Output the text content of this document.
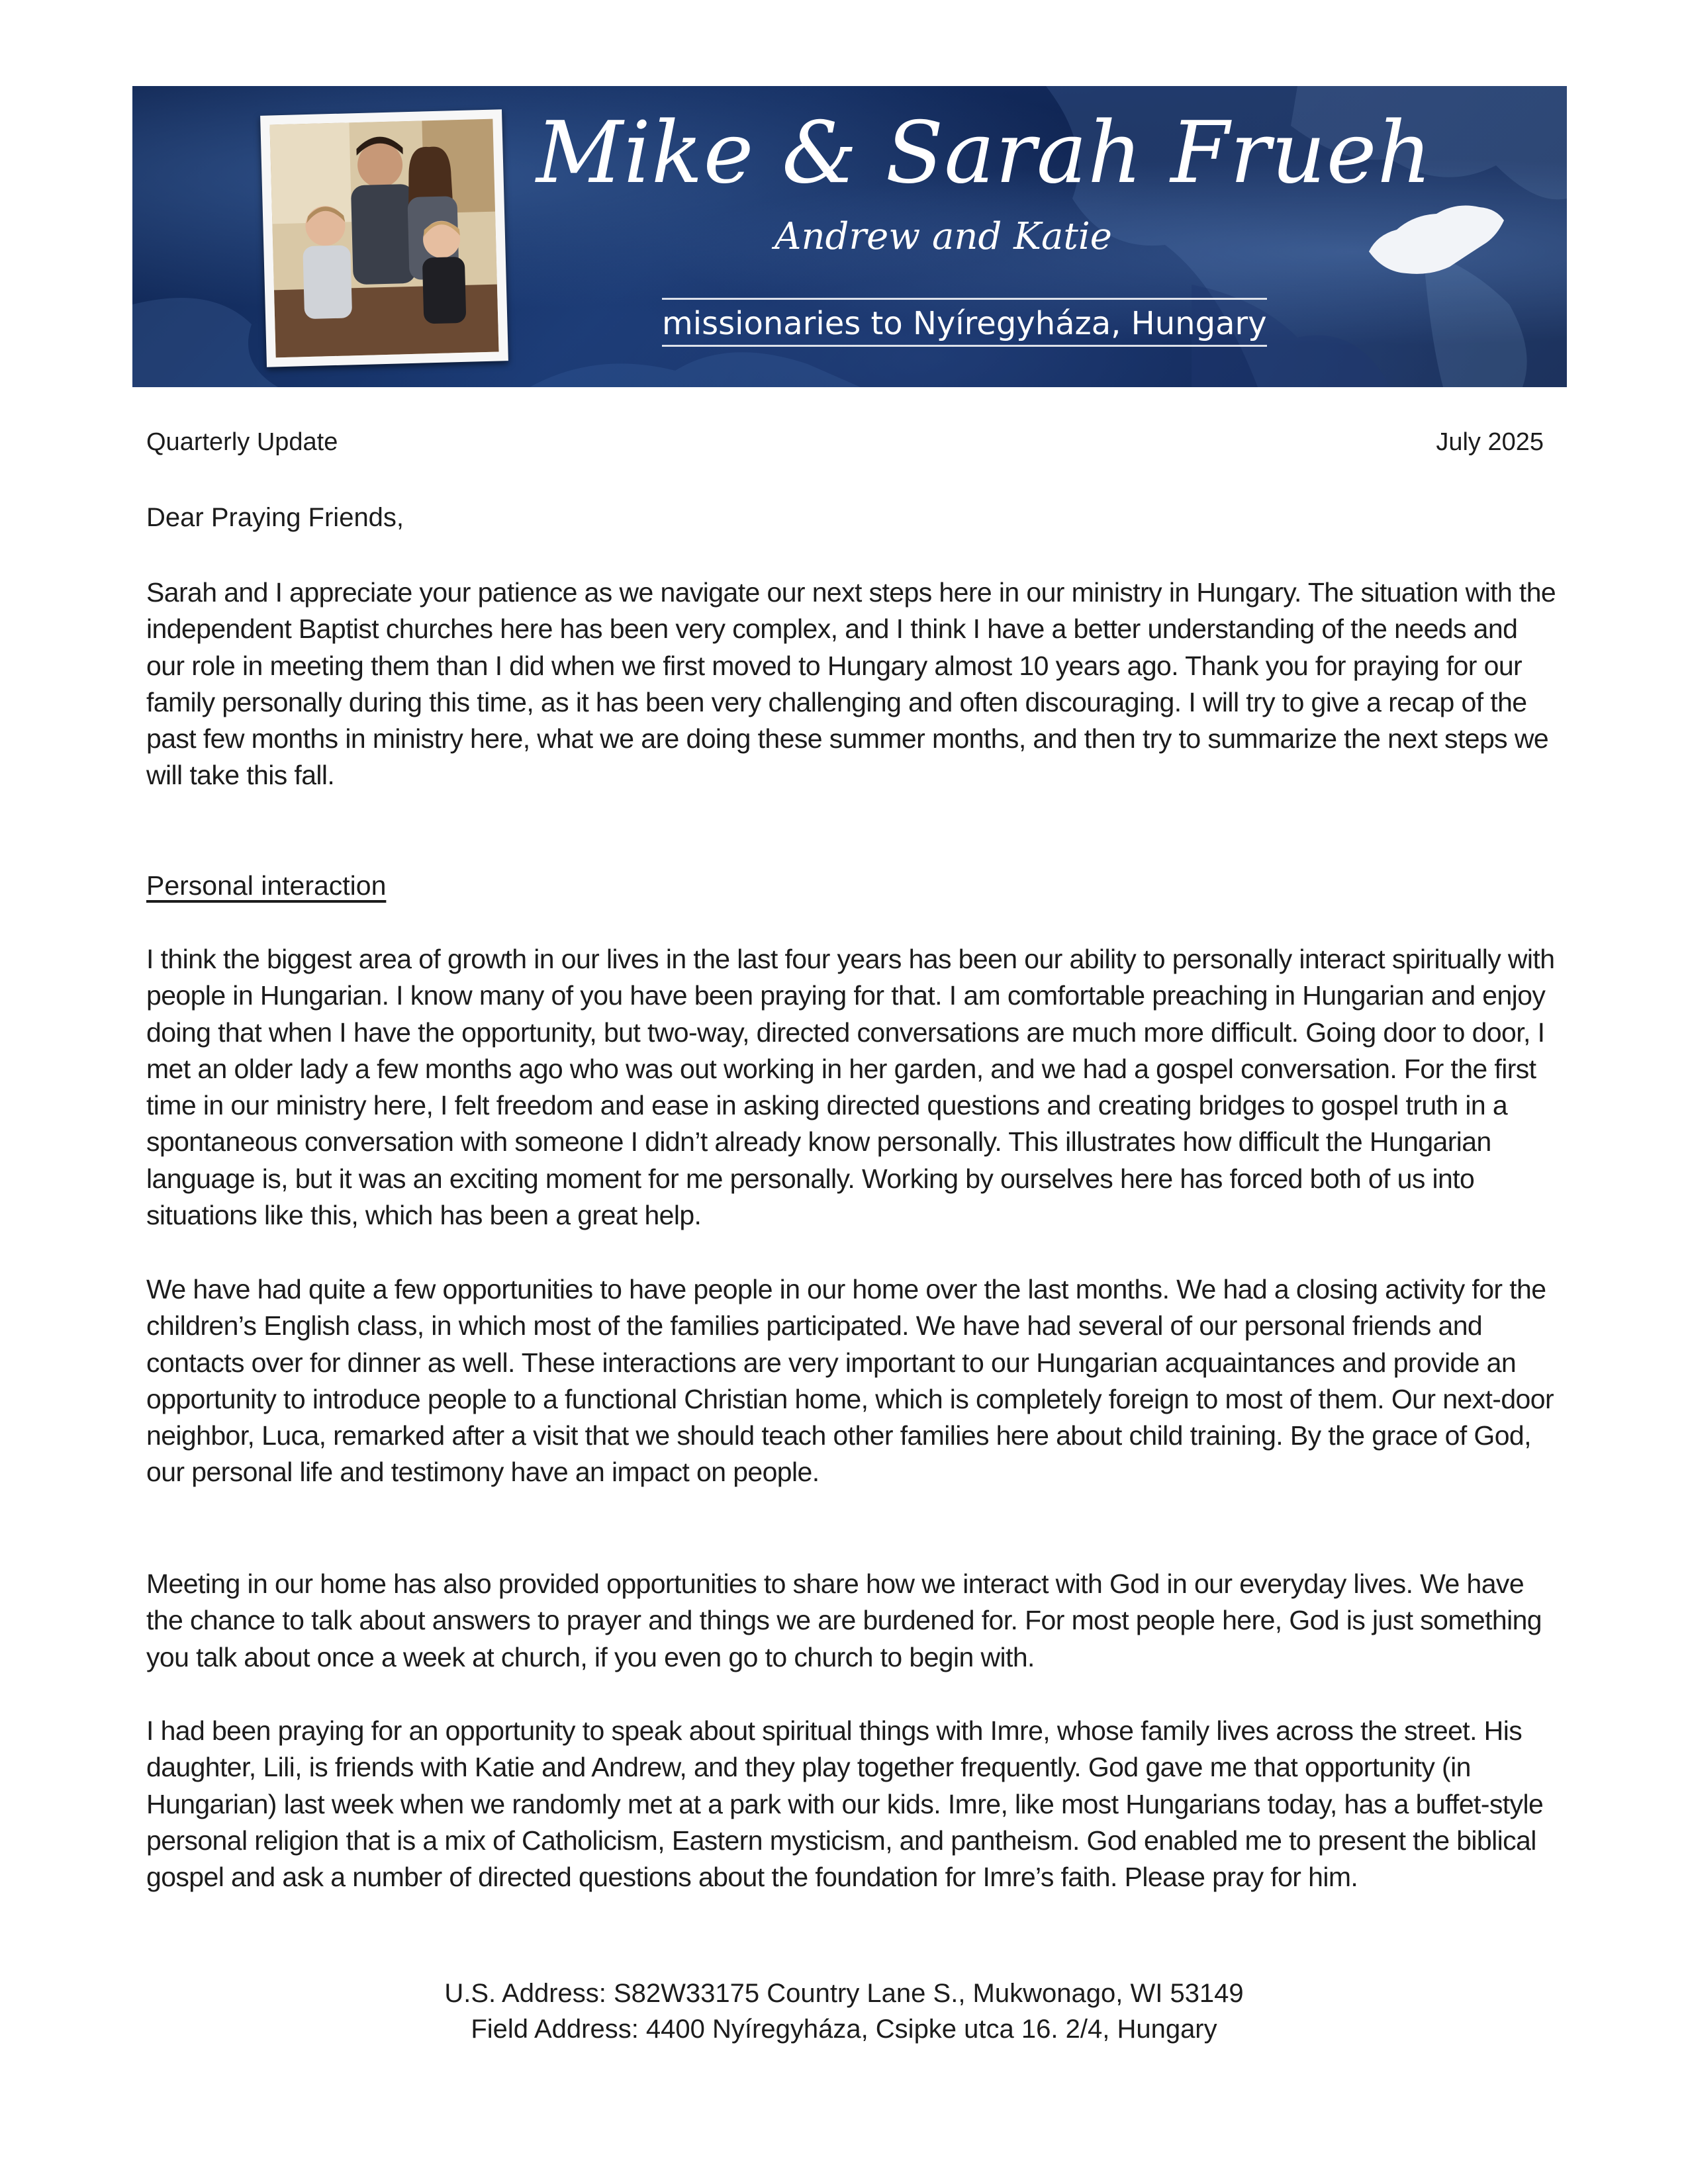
Mike & Sarah Frueh
Andrew and Katie
missionaries to Nyíregyháza, Hungary
Quarterly Update	July 2025
Dear Praying Friends,

Sarah and I appreciate your patience as we navigate our next steps here in our ministry in Hungary. The situation with the independent Baptist churches here has been very complex, and I think I have a better understanding of the needs and our role in meeting them than I did when we first moved to Hungary almost 10 years ago. Thank you for praying for our family personally during this time, as it has been very challenging and often discouraging. I will try to give a recap of the past few months in ministry here, what we are doing these summer months, and then try to summarize the next steps we will take this fall.

Personal interaction

I think the biggest area of growth in our lives in the last four years has been our ability to personally interact spiritually with people in Hungarian. I know many of you have been praying for that. I am comfortable preaching in Hungarian and enjoy doing that when I have the opportunity, but two-way, directed conversations are much more difficult. Going door to door, I met an older lady a few months ago who was out working in her garden, and we had a gospel conversation. For the first time in our ministry here, I felt freedom and ease in asking directed questions and creating bridges to gospel truth in a spontaneous conversation with someone I didn’t already know personally. This illustrates how difficult the Hungarian language is, but it was an exciting moment for me personally. Working by ourselves here has forced both of us into situations like this, which has been a great help.

We have had quite a few opportunities to have people in our home over the last months. We had a closing activity for the children’s English class, in which most of the families participated. We have had several of our personal friends and contacts over for dinner as well. These interactions are very important to our Hungarian acquaintances and provide an opportunity to introduce people to a functional Christian home, which is completely foreign to most of them. Our next-door neighbor, Luca, remarked after a visit that we should teach other families here about child training. By the grace of God, our personal life and testimony have an impact on people.

Meeting in our home has also provided opportunities to share how we interact with God in our everyday lives. We have the chance to talk about answers to prayer and things we are burdened for. For most people here, God is just something you talk about once a week at church, if you even go to church to begin with.

I had been praying for an opportunity to speak about spiritual things with Imre, whose family lives across the street. His daughter, Lili, is friends with Katie and Andrew, and they play together frequently. God gave me that opportunity (in Hungarian) last week when we randomly met at a park with our kids. Imre, like most Hungarians today, has a buffet-style personal religion that is a mix of Catholicism, Eastern mysticism, and pantheism. God enabled me to present the biblical gospel and ask a number of directed questions about the foundation for Imre’s faith. Please pray for him.

U.S. Address: S82W33175 Country Lane S., Mukwonago, WI 53149
Field Address: 4400 Nyíregyháza, Csipke utca 16. 2/4, Hungary
